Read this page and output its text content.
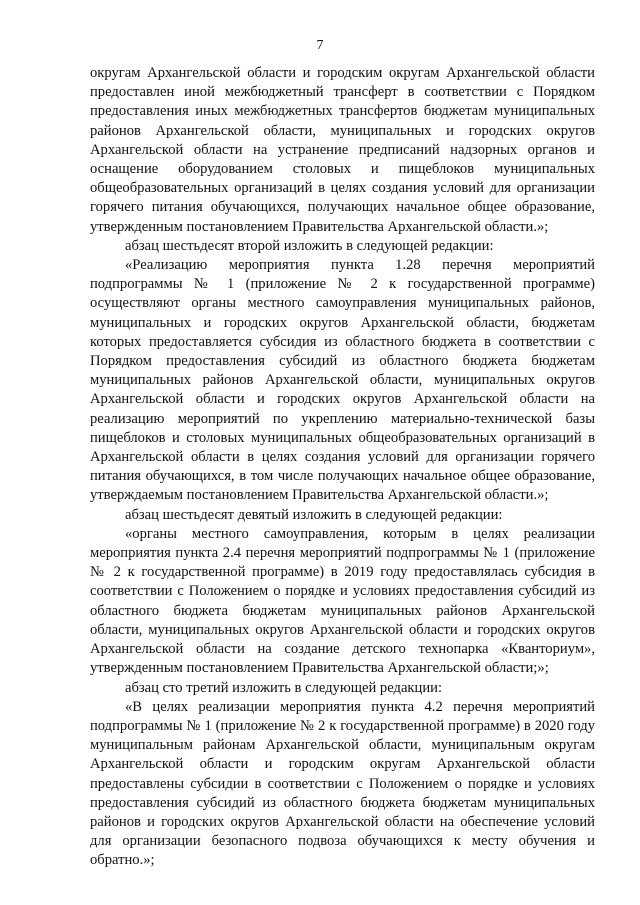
7

округам Архангельской области и городским округам Архангельской области предоставлен иной межбюджетный трансферт в соответствии с Порядком предоставления иных межбюджетных трансфертов бюджетам муниципальных районов Архангельской области, муниципальных и городских округов Архангельской области на устранение предписаний надзорных органов и оснащение оборудованием столовых и пищеблоков муниципальных общеобразовательных организаций в целях создания условий для организации горячего питания обучающихся, получающих начальное общее образование, утвержденным постановлением Правительства Архангельской области.»;

абзац шестьдесят второй изложить в следующей редакции:

«Реализацию мероприятия пункта 1.28 перечня мероприятий подпрограммы № 1 (приложение № 2 к государственной программе) осуществляют органы местного самоуправления муниципальных районов, муниципальных и городских округов Архангельской области, бюджетам которых предоставляется субсидия из областного бюджета в соответствии с Порядком предоставления субсидий из областного бюджета бюджетам муниципальных районов Архангельской области, муниципальных округов Архангельской области и городских округов Архангельской области на реализацию мероприятий по укреплению материально-технической базы пищеблоков и столовых муниципальных общеобразовательных организаций в Архангельской области в целях создания условий для организации горячего питания обучающихся, в том числе получающих начальное общее образование, утверждаемым постановлением Правительства Архангельской области.»;

абзац шестьдесят девятый изложить в следующей редакции:

«органы местного самоуправления, которым в целях реализации мероприятия пункта 2.4 перечня мероприятий подпрограммы № 1 (приложение № 2 к государственной программе) в 2019 году предоставлялась субсидия в соответствии с Положением о порядке и условиях предоставления субсидий из областного бюджета бюджетам муниципальных районов Архангельской области, муниципальных округов Архангельской области и городских округов Архангельской области на создание детского технопарка «Кванториум», утвержденным постановлением Правительства Архангельской области;»;

абзац сто третий изложить в следующей редакции:

«В целях реализации мероприятия пункта 4.2 перечня мероприятий подпрограммы № 1 (приложение № 2 к государственной программе) в 2020 году муниципальным районам Архангельской области, муниципальным округам Архангельской области и городским округам Архангельской области предоставлены субсидии в соответствии с Положением о порядке и условиях предоставления субсидий из областного бюджета бюджетам муниципальных районов и городских округов Архангельской области на обеспечение условий для организации безопасного подвоза обучающихся к месту обучения и обратно.»;
